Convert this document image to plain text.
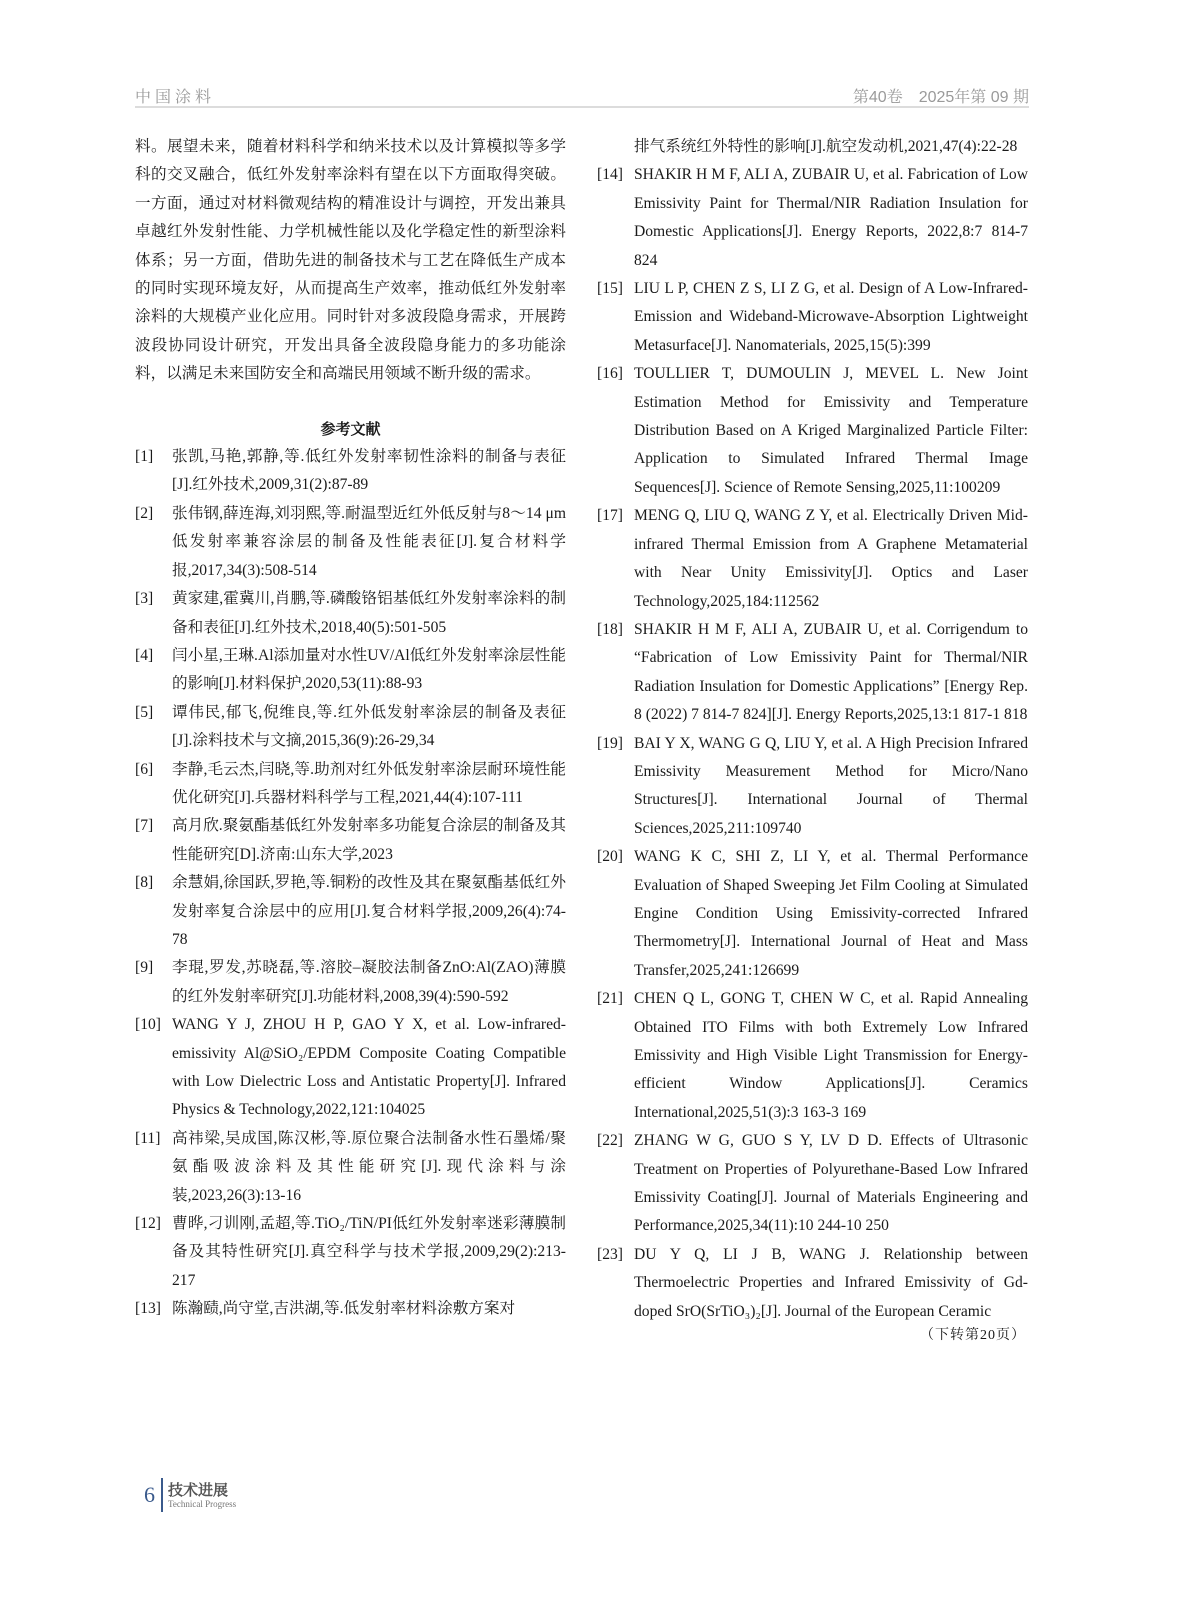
中国涂料	第40卷　2025年第 09 期

料。展望未来，随着材料科学和纳米技术以及计算模拟等多学科的交叉融合，低红外发射率涂料有望在以下方面取得突破。一方面，通过对材料微观结构的精准设计与调控，开发出兼具卓越红外发射性能、力学机械性能以及化学稳定性的新型涂料体系；另一方面，借助先进的制备技术与工艺在降低生产成本的同时实现环境友好，从而提高生产效率，推动低红外发射率涂料的大规模产业化应用。同时针对多波段隐身需求，开展跨波段协同设计研究，开发出具备全波段隐身能力的多功能涂料，以满足未来国防安全和高端民用领域不断升级的需求。

参考文献
[1]	张凯,马艳,郭静,等.低红外发射率韧性涂料的制备与表征[J].红外技术,2009,31(2):87-89
[2]	张伟钢,薛连海,刘羽熙,等.耐温型近红外低反射与8～14 μm低发射率兼容涂层的制备及性能表征[J].复合材料学报,2017,34(3):508-514
[3]	黄家建,霍冀川,肖鹏,等.磷酸铬铝基低红外发射率涂料的制备和表征[J].红外技术,2018,40(5):501-505
[4]	闫小星,王琳.Al添加量对水性UV/Al低红外发射率涂层性能的影响[J].材料保护,2020,53(11):88-93
[5]	谭伟民,郁飞,倪维良,等.红外低发射率涂层的制备及表征[J].涂料技术与文摘,2015,36(9):26-29,34
[6]	李静,毛云杰,闫晓,等.助剂对红外低发射率涂层耐环境性能优化研究[J].兵器材料科学与工程,2021,44(4):107-111
[7]	高月欣.聚氨酯基低红外发射率多功能复合涂层的制备及其性能研究[D].济南:山东大学,2023
[8]	余慧娟,徐国跃,罗艳,等.铜粉的改性及其在聚氨酯基低红外发射率复合涂层中的应用[J].复合材料学报,2009,26(4):74-78
[9]	李琨,罗发,苏晓磊,等.溶胶–凝胶法制备ZnO:Al(ZAO)薄膜的红外发射率研究[J].功能材料,2008,39(4):590-592
[10] WANG Y J, ZHOU H P, GAO Y X, et al. Low-infrared-emissivity Al@SiO₂/EPDM Composite Coating Compatible with Low Dielectric Loss and Antistatic Property[J]. Infrared Physics & Technology,2022,121:104025
[11] 高祎梁,吴成国,陈汉彬,等.原位聚合法制备水性石墨烯/聚氨酯吸波涂料及其性能研究[J].现代涂料与涂装,2023,26(3):13-16
[12] 曹晔,刁训刚,孟超,等.TiO₂/TiN/PI低红外发射率迷彩薄膜制备及其特性研究[J].真空科学与技术学报,2009,29(2):213-217
[13] 陈瀚赜,尚守堂,吉洪湖,等.低发射率材料涂敷方案对
排气系统红外特性的影响[J].航空发动机,2021,47(4):22-28
[14] SHAKIR H M F, ALI A, ZUBAIR U, et al. Fabrication of Low Emissivity Paint for Thermal/NIR Radiation Insulation for Domestic Applications[J]. Energy Reports, 2022,8:7 814-7 824
[15] LIU L P, CHEN Z S, LI Z G, et al. Design of A Low-Infrared-Emission and Wideband-Microwave-Absorption Lightweight Metasurface[J]. Nanomaterials, 2025,15(5):399
[16] TOULLIER T, DUMOULIN J, MEVEL L. New Joint Estimation Method for Emissivity and Temperature Distribution Based on A Kriged Marginalized Particle Filter: Application to Simulated Infrared Thermal Image Sequences[J]. Science of Remote Sensing,2025,11:100209
[17] MENG Q, LIU Q, WANG Z Y, et al. Electrically Driven Mid-infrared Thermal Emission from A Graphene Metamaterial with Near Unity Emissivity[J]. Optics and Laser Technology,2025,184:112562
[18] SHAKIR H M F, ALI A, ZUBAIR U, et al. Corrigendum to “Fabrication of Low Emissivity Paint for Thermal/NIR Radiation Insulation for Domestic Applications” [Energy Rep. 8 (2022) 7 814-7 824][J]. Energy Reports,2025,13:1 817-1 818
[19] BAI Y X, WANG G Q, LIU Y, et al. A High Precision Infrared Emissivity Measurement Method for Micro/Nano Structures[J]. International Journal of Thermal Sciences,2025,211:109740
[20] WANG K C, SHI Z, LI Y, et al. Thermal Performance Evaluation of Shaped Sweeping Jet Film Cooling at Simulated Engine Condition Using Emissivity-corrected Infrared Thermometry[J]. International Journal of Heat and Mass Transfer,2025,241:126699
[21] CHEN Q L, GONG T, CHEN W C, et al. Rapid Annealing Obtained ITO Films with both Extremely Low Infrared Emissivity and High Visible Light Transmission for Energy-efficient Window Applications[J]. Ceramics International,2025,51(3):3 163-3 169
[22] ZHANG W G, GUO S Y, LV D D. Effects of Ultrasonic Treatment on Properties of Polyurethane-Based Low Infrared Emissivity Coating[J]. Journal of Materials Engineering and Performance,2025,34(11):10 244-10 250
[23] DU Y Q, LI J B, WANG J. Relationship between Thermoelectric Properties and Infrared Emissivity of Gd-doped SrO(SrTiO₃)₂[J]. Journal of the European Ceramic
（下转第20页）
6 技术进展
Technical Progress
